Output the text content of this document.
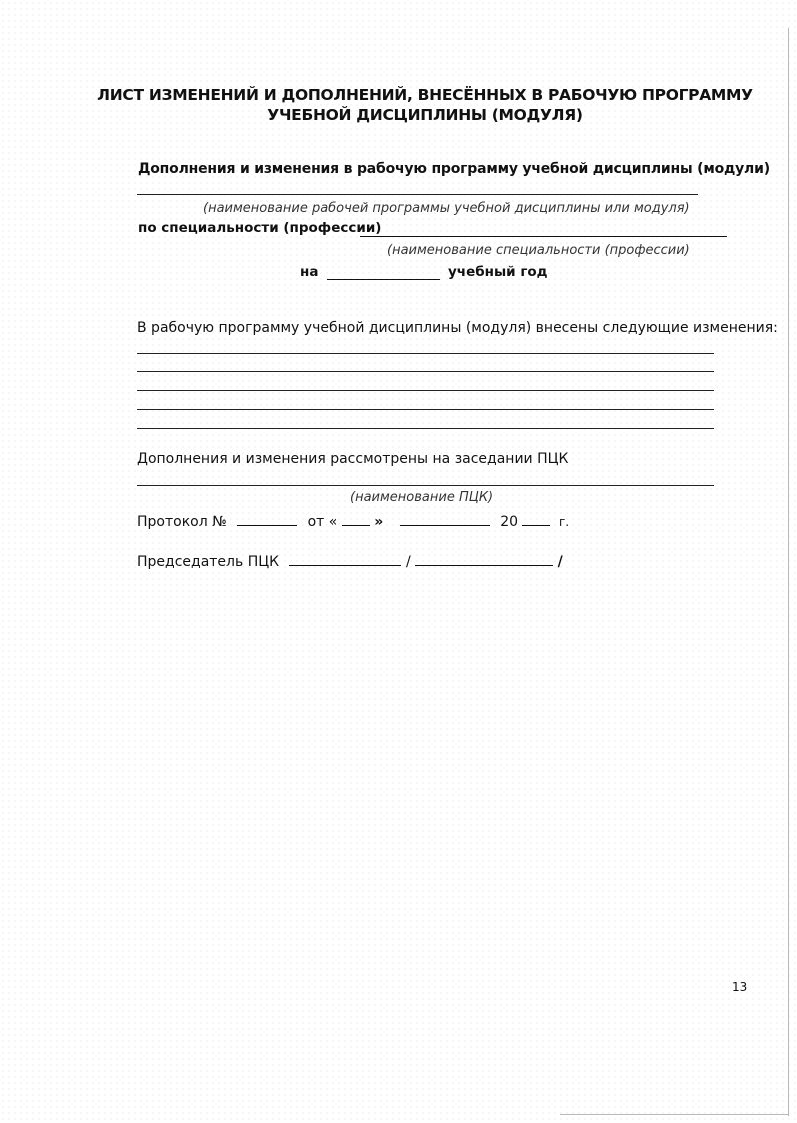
ЛИСТ ИЗМЕНЕНИЙ И ДОПОЛНЕНИЙ, ВНЕСЁННЫХ В РАБОЧУЮ ПРОГРАММУ
УЧЕБНОЙ ДИСЦИПЛИНЫ (МОДУЛЯ)
Дополнения и изменения в рабочую программу учебной дисциплины (модули)
(наименование рабочей программы учебной дисциплины или модуля)
по специальности (профессии)
(наименование специальности (профессии)
на	учебный год
В рабочую программу учебной дисциплины (модуля) внесены следующие изменения:
Дополнения и изменения рассмотрены на заседании ПЦК
(наименование ПЦК)
Протокол №	от «	»	20	г.
Председатель ПЦК	/	/
13
